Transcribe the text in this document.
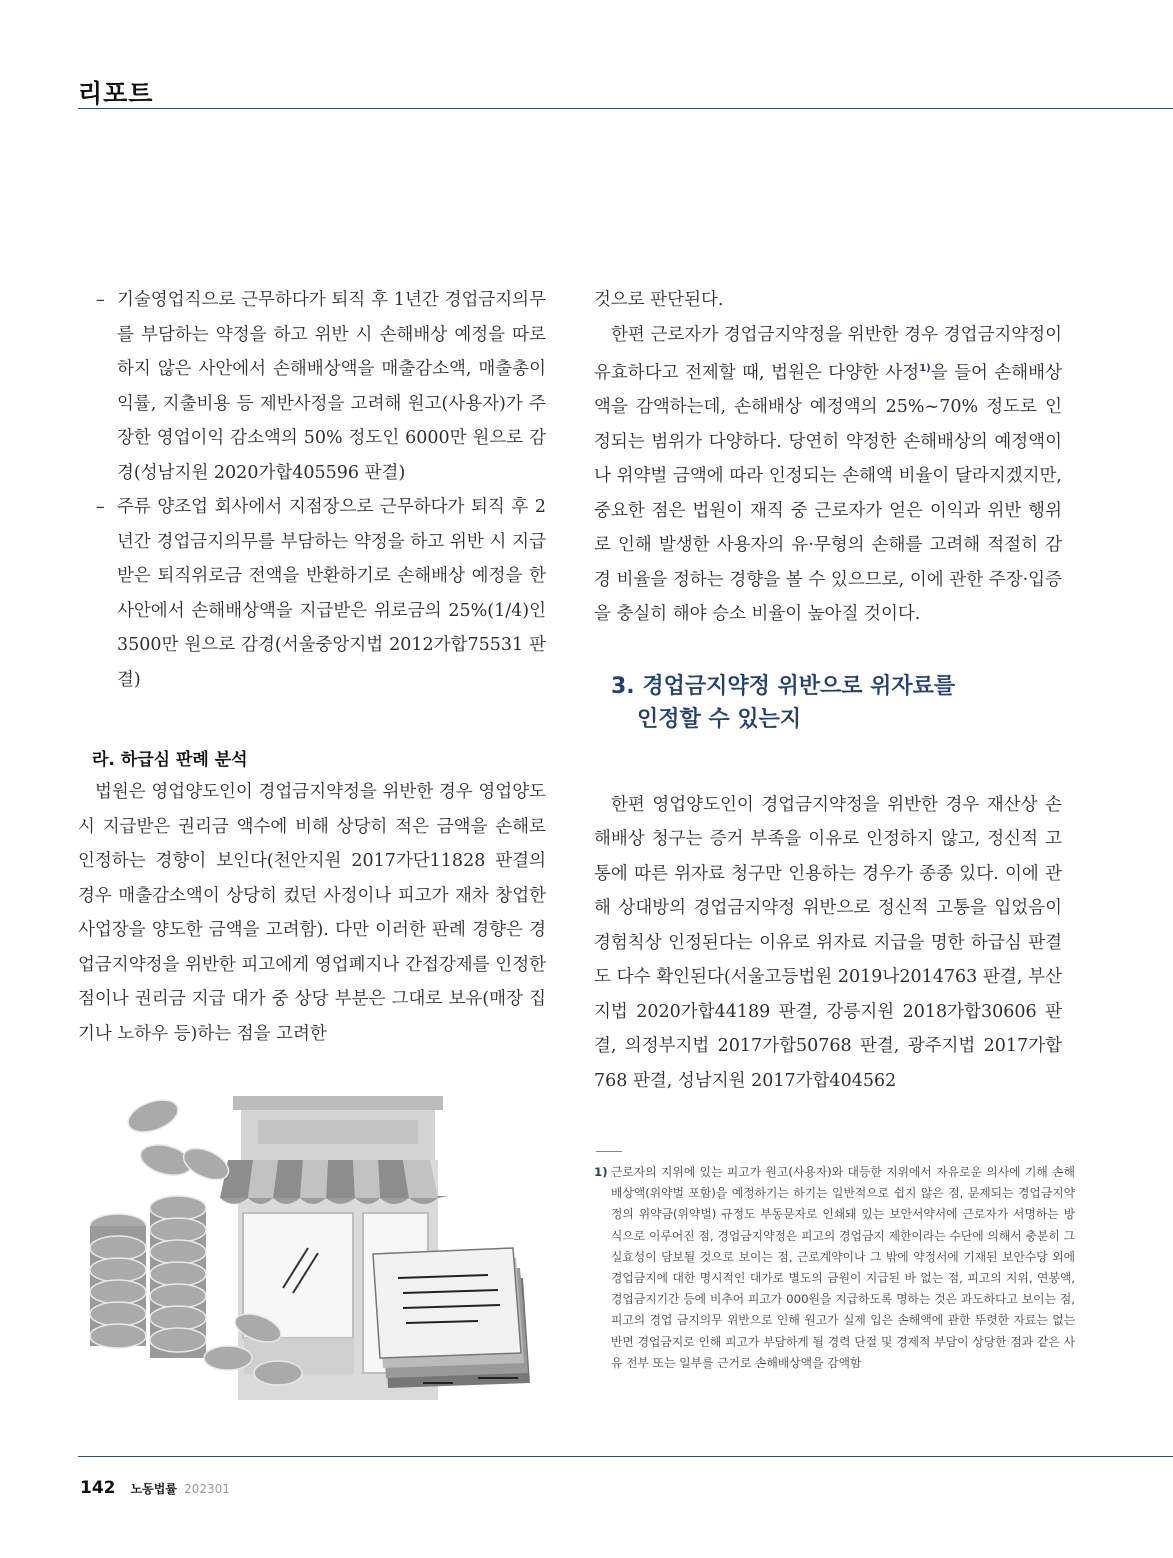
리포트
– 기술영업직으로 근무하다가 퇴직 후 1년간 경업금지의무를 부담하는 약정을 하고 위반 시 손해배상 예정을 따로 하지 않은 사안에서 손해배상액을 매출감소액, 매출총이익률, 지출비용 등 제반사정을 고려해 원고(사용자)가 주장한 영업이익 감소액의 50% 정도인 6000만 원으로 감경(성남지원 2020가합405596 판결)
– 주류 양조업 회사에서 지점장으로 근무하다가 퇴직 후 2년간 경업금지의무를 부담하는 약정을 하고 위반 시 지급받은 퇴직위로금 전액을 반환하기로 손해배상 예정을 한 사안에서 손해배상액을 지급받은 위로금의 25%(1/4)인 3500만 원으로 감경(서울중앙지법 2012가합75531 판결)
라. 하급심 판례 분석
법원은 영업양도인이 경업금지약정을 위반한 경우 영업양도 시 지급받은 권리금 액수에 비해 상당히 적은 금액을 손해로 인정하는 경향이 보인다(천안지원 2017가단11828 판결의 경우 매출감소액이 상당히 컸던 사정이나 피고가 재차 창업한 사업장을 양도한 금액을 고려함). 다만 이러한 판례 경향은 경업금지약정을 위반한 피고에게 영업폐지나 간접강제를 인정한 점이나 권리금 지급 대가 중 상당 부분은 그대로 보유(매장 집기나 노하우 등)하는 점을 고려한
것으로 판단된다.
한편 근로자가 경업금지약정을 위반한 경우 경업금지약정이 유효하다고 전제할 때, 법원은 다양한 사정$^{1)}$을 들어 손해배상액을 감액하는데, 손해배상 예정액의 25%~70% 정도로 인정되는 범위가 다양하다. 당연히 약정한 손해배상의 예정액이나 위약벌 금액에 따라 인정되는 손해액 비율이 달라지겠지만, 중요한 점은 법원이 재직 중 근로자가 얻은 이익과 위반 행위로 인해 발생한 사용자의 유·무형의 손해를 고려해 적절히 감경 비율을 정하는 경향을 볼 수 있으므로, 이에 관한 주장·입증을 충실히 해야 승소 비율이 높아질 것이다.
3. 경업금지약정 위반으로 위자료를
인정할 수 있는지
한편 영업양도인이 경업금지약정을 위반한 경우 재산상 손해배상 청구는 증거 부족을 이유로 인정하지 않고, 정신적 고통에 따른 위자료 청구만 인용하는 경우가 종종 있다. 이에 관해 상대방의 경업금지약정 위반으로 정신적 고통을 입었음이 경험칙상 인정된다는 이유로 위자료 지급을 명한 하급심 판결도 다수 확인된다(서울고등법원 2019나2014763 판결, 부산지법 2020가합44189 판결, 강릉지원 2018가합30606 판결, 의정부지법 2017가합50768 판결, 광주지법 2017가합768 판결, 성남지원 2017가합404562
1) 근로자의 지위에 있는 피고가 원고(사용자)와 대등한 지위에서 자유로운 의사에 기해 손해배상액(위약벌 포함)을 예정하기는 하기는 일반적으로 쉽지 않은 점, 문제되는 경업금지약정의 위약금(위약벌) 규정도 부동문자로 인쇄돼 있는 보안서약서에 근로자가 서명하는 방식으로 이루어진 점, 경업금지약정은 피고의 경업금지 제한이라는 수단에 의해서 충분히 그 실효성이 담보될 것으로 보이는 점, 근로계약이나 그 밖에 약정서에 기재된 보안수당 외에 경업금지에 대한 명시적인 대가로 별도의 금원이 지급된 바 없는 점, 피고의 지위, 연봉액, 경업금지기간 등에 비추어 피고가 000원을 지급하도록 명하는 것은 과도하다고 보이는 점, 피고의 경업 금지의무 위반으로 인해 원고가 실제 입은 손해액에 관한 뚜렷한 자료는 없는 반면 경업금지로 인해 피고가 부담하게 될 경력 단절 및 경제적 부담이 상당한 점과 같은 사유 전부 또는 일부를 근거로 손해배상액을 감액함
142 노동법률 202301
